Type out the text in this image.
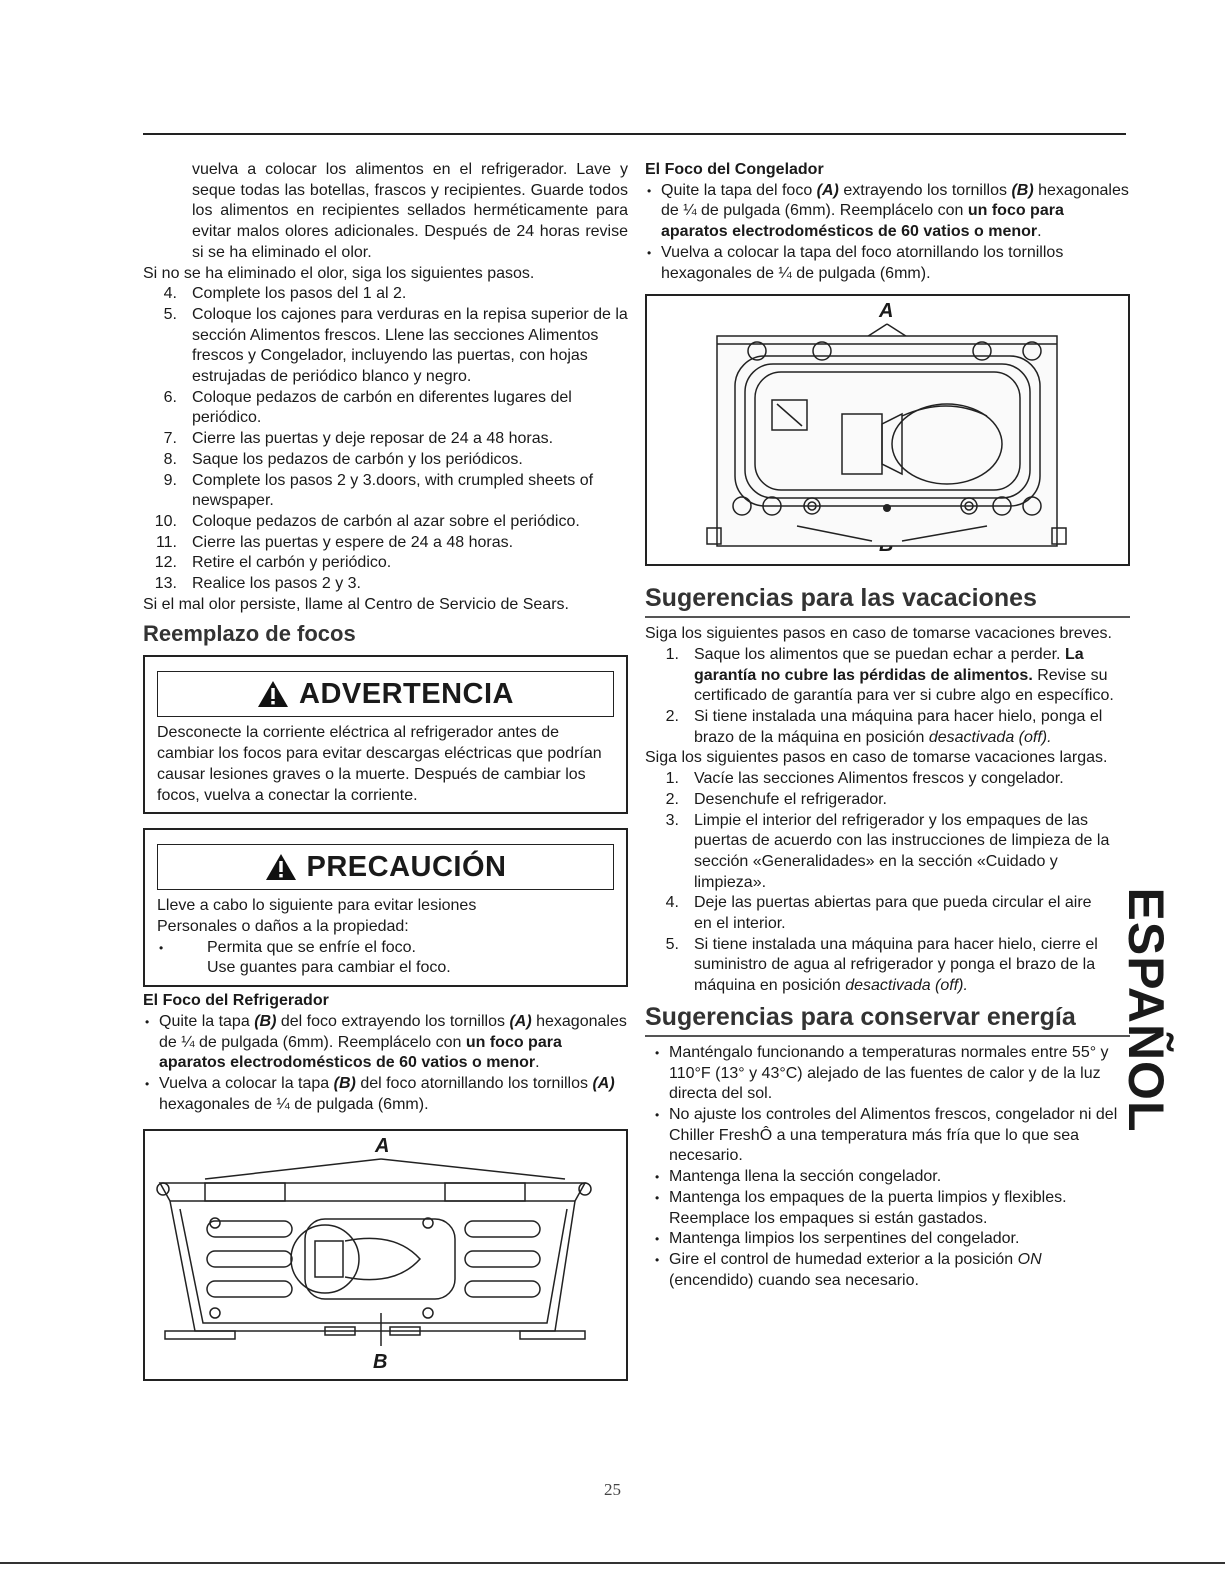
vuelva a colocar los alimentos en el refrigerador. Lave y seque todas las botellas, frascos y recipientes. Guarde todos los alimentos en recipientes sellados herméticamente para evitar malos olores adicionales. Después de 24 horas revise si se ha eliminado el olor.

Si no se ha eliminado el olor, siga los siguientes pasos.

4. Complete los pasos del 1 al 2.
5. Coloque los cajones para verduras en la repisa superior de la sección Alimentos frescos. Llene las secciones Alimentos frescos y Congelador, incluyendo las puertas, con hojas estrujadas de periódico blanco y negro.
6. Coloque pedazos de carbón en diferentes lugares del periódico.
7. Cierre las puertas y deje reposar de 24 a 48 horas.
8. Saque los pedazos de carbón y los periódicos.
9. Complete los pasos 2 y 3.doors, with crumpled sheets of newspaper.
10. Coloque pedazos de carbón al azar sobre el periódico.
11. Cierre las puertas y espere de 24 a 48 horas.
12. Retire el carbón y periódico.
13. Realice los pasos 2 y 3.

Si el mal olor persiste, llame al Centro de Servicio de Sears.

Reemplazo de focos
ADVERTENCIA

Desconecte la corriente eléctrica al refrigerador antes de cambiar los focos para evitar descargas eléctricas que podrían causar lesiones graves o la muerte. Después de cambiar los focos, vuelva a conectar la corriente.

PRECAUCIÓN

Lleve a cabo lo siguiente para evitar lesiones

Personales o daños a la propiedad:

•	Permita que se enfríe el foco.

Use guantes para cambiar el foco.

El Foco del Refrigerador
• Quite la tapa (B) del foco extrayendo los tornillos (A) hexagonales de ¼ de pulgada (6mm). Reemplácelo con un foco para aparatos electrodomésticos de 60 vatios o menor.
• Vuelva a colocar la tapa (B) del foco atornillando los tornillos (A) hexagonales de ¼ de pulgada (6mm).
A
B
El Foco del Congelador
• Quite la tapa del foco (A) extrayendo los tornillos (B) hexagonales de ¼ de pulgada (6mm). Reemplácelo con un foco para aparatos electrodomésticos de 60 vatios o menor.
• Vuelva a colocar la tapa del foco atornillando los tornillos hexagonales de ¼ de pulgada (6mm).
A
Sugerencias para las vacaciones

Siga los siguientes pasos en caso de tomarse vacaciones breves.

1. Saque los alimentos que se puedan echar a perder. La garantía no cubre las pérdidas de alimentos. Revise su certificado de garantía para ver si cubre algo en específico.
2. Si tiene instalada una máquina para hacer hielo, ponga el brazo de la máquina en posición desactivada (off).

Siga los siguientes pasos en caso de tomarse vacaciones largas.

1. Vacíe las secciones Alimentos frescos y congelador.
2. Desenchufe el refrigerador.
3. Limpie el interior del refrigerador y los empaques de las puertas de acuerdo con las instrucciones de limpieza de la sección «Generalidades» en la sección «Cuidado y limpieza».
4. Deje las puertas abiertas para que pueda circular el aire en el interior.
5. Si tiene instalada una máquina para hacer hielo, cierre el suministro de agua al refrigerador y ponga el brazo de la máquina en posición desactivada (off).
Sugerencias para conservar energía
• Manténgalo funcionando a temperaturas normales entre 55° y 110°F (13° y 43°C) alejado de las fuentes de calor y de la luz directa del sol.
• No ajuste los controles del Alimentos frescos, congelador ni del Chiller FreshÔ a una temperatura más fría que lo que sea necesario.
• Mantenga llena la sección congelador.
• Mantenga los empaques de la puerta limpios y flexibles. Reemplace los empaques si están gastados.
• Mantenga limpios los serpentines del congelador.
• Gire el control de humedad exterior a la posición ON (encendido) cuando sea necesario.
ESPAÑOL
25
